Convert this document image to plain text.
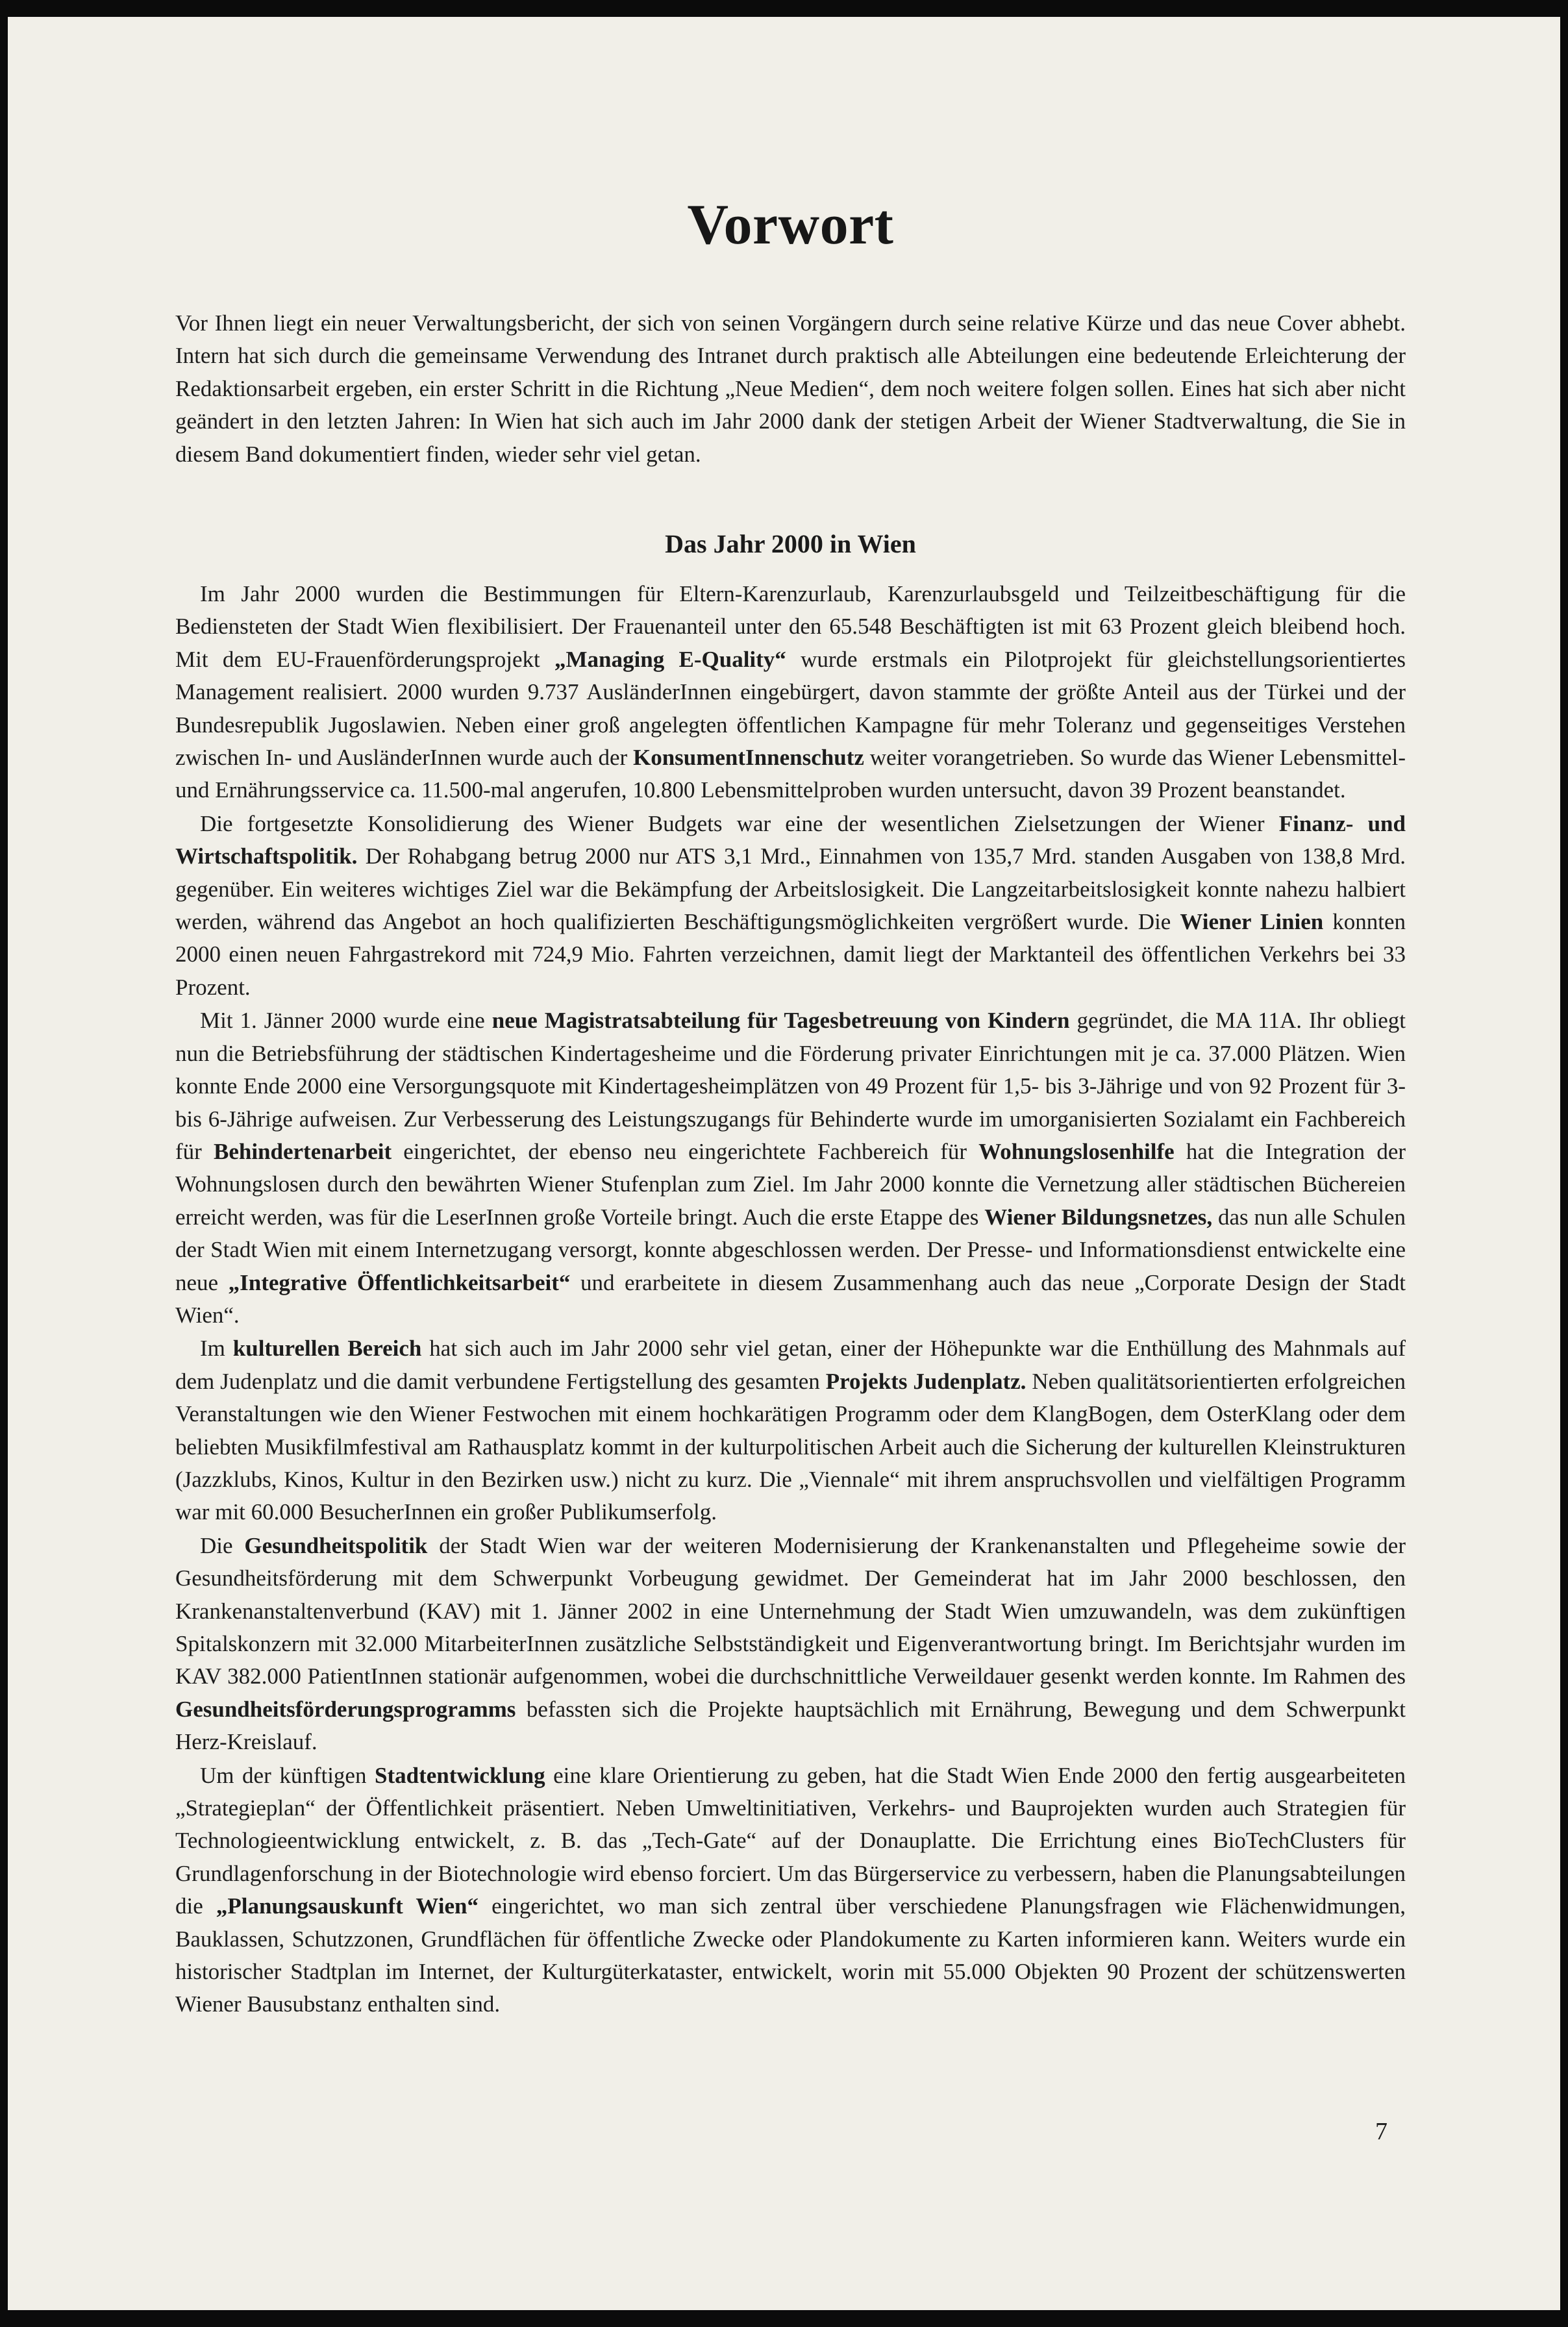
Vorwort

Vor Ihnen liegt ein neuer Verwaltungsbericht, der sich von seinen Vorgängern durch seine relative Kürze und das neue Cover abhebt. Intern hat sich durch die gemeinsame Verwendung des Intranet durch praktisch alle Abteilungen eine bedeutende Erleichterung der Redaktionsarbeit ergeben, ein erster Schritt in die Richtung „Neue Medien“, dem noch weitere folgen sollen. Eines hat sich aber nicht geändert in den letzten Jahren: In Wien hat sich auch im Jahr 2000 dank der stetigen Arbeit der Wiener Stadtverwaltung, die Sie in diesem Band dokumentiert finden, wieder sehr viel getan.

Das Jahr 2000 in Wien

Im Jahr 2000 wurden die Bestimmungen für Eltern-Karenzurlaub, Karenzurlaubsgeld und Teilzeitbeschäftigung für die Bediensteten der Stadt Wien flexibilisiert. Der Frauenanteil unter den 65.548 Beschäftigten ist mit 63 Prozent gleich bleibend hoch. Mit dem EU-Frauenförderungsprojekt „Managing E-Quality“ wurde erstmals ein Pilotprojekt für gleichstellungsorientiertes Management realisiert. 2000 wurden 9.737 AusländerInnen eingebürgert, davon stammte der größte Anteil aus der Türkei und der Bundesrepublik Jugoslawien. Neben einer groß angelegten öffentlichen Kampagne für mehr Toleranz und gegenseitiges Verstehen zwischen In- und AusländerInnen wurde auch der KonsumentInnenschutz weiter vorangetrieben. So wurde das Wiener Lebensmittel- und Ernährungsservice ca. 11.500-mal angerufen, 10.800 Lebensmittelproben wurden untersucht, davon 39 Prozent beanstandet.

Die fortgesetzte Konsolidierung des Wiener Budgets war eine der wesentlichen Zielsetzungen der Wiener Finanz- und Wirtschaftspolitik. Der Rohabgang betrug 2000 nur ATS 3,1 Mrd., Einnahmen von 135,7 Mrd. standen Ausgaben von 138,8 Mrd. gegenüber. Ein weiteres wichtiges Ziel war die Bekämpfung der Arbeitslosigkeit. Die Langzeitarbeitslosigkeit konnte nahezu halbiert werden, während das Angebot an hoch qualifizierten Beschäftigungsmöglichkeiten vergrößert wurde. Die Wiener Linien konnten 2000 einen neuen Fahrgastrekord mit 724,9 Mio. Fahrten verzeichnen, damit liegt der Marktanteil des öffentlichen Verkehrs bei 33 Prozent.

Mit 1. Jänner 2000 wurde eine neue Magistratsabteilung für Tagesbetreuung von Kindern gegründet, die MA 11A. Ihr obliegt nun die Betriebsführung der städtischen Kindertagesheime und die Förderung privater Einrichtungen mit je ca. 37.000 Plätzen. Wien konnte Ende 2000 eine Versorgungsquote mit Kindertagesheimplätzen von 49 Prozent für 1,5- bis 3-Jährige und von 92 Prozent für 3- bis 6-Jährige aufweisen. Zur Verbesserung des Leistungszugangs für Behinderte wurde im umorganisierten Sozialamt ein Fachbereich für Behindertenarbeit eingerichtet, der ebenso neu eingerichtete Fachbereich für Wohnungslosenhilfe hat die Integration der Wohnungslosen durch den bewährten Wiener Stufenplan zum Ziel. Im Jahr 2000 konnte die Vernetzung aller städtischen Büchereien erreicht werden, was für die LeserInnen große Vorteile bringt. Auch die erste Etappe des Wiener Bildungsnetzes, das nun alle Schulen der Stadt Wien mit einem Internetzugang versorgt, konnte abgeschlossen werden. Der Presse- und Informationsdienst entwickelte eine neue „Integrative Öffentlichkeitsarbeit“ und erarbeitete in diesem Zusammenhang auch das neue „Corporate Design der Stadt Wien“.

Im kulturellen Bereich hat sich auch im Jahr 2000 sehr viel getan, einer der Höhepunkte war die Enthüllung des Mahnmals auf dem Judenplatz und die damit verbundene Fertigstellung des gesamten Projekts Judenplatz. Neben qualitätsorientierten erfolgreichen Veranstaltungen wie den Wiener Festwochen mit einem hochkarätigen Programm oder dem KlangBogen, dem OsterKlang oder dem beliebten Musikfilmfestival am Rathausplatz kommt in der kulturpolitischen Arbeit auch die Sicherung der kulturellen Kleinstrukturen (Jazzklubs, Kinos, Kultur in den Bezirken usw.) nicht zu kurz. Die „Viennale“ mit ihrem anspruchsvollen und vielfältigen Programm war mit 60.000 BesucherInnen ein großer Publikumserfolg.

Die Gesundheitspolitik der Stadt Wien war der weiteren Modernisierung der Krankenanstalten und Pflegeheime sowie der Gesundheitsförderung mit dem Schwerpunkt Vorbeugung gewidmet. Der Gemeinderat hat im Jahr 2000 beschlossen, den Krankenanstaltenverbund (KAV) mit 1. Jänner 2002 in eine Unternehmung der Stadt Wien umzuwandeln, was dem zukünftigen Spitalskonzern mit 32.000 MitarbeiterInnen zusätzliche Selbstständigkeit und Eigenverantwortung bringt. Im Berichtsjahr wurden im KAV 382.000 PatientInnen stationär aufgenommen, wobei die durchschnittliche Verweildauer gesenkt werden konnte. Im Rahmen des Gesundheitsförderungsprogramms befassten sich die Projekte hauptsächlich mit Ernährung, Bewegung und dem Schwerpunkt Herz-Kreislauf.

Um der künftigen Stadtentwicklung eine klare Orientierung zu geben, hat die Stadt Wien Ende 2000 den fertig ausgearbeiteten „Strategieplan“ der Öffentlichkeit präsentiert. Neben Umweltinitiativen, Verkehrs- und Bauprojekten wurden auch Strategien für Technologieentwicklung entwickelt, z. B. das „Tech-Gate“ auf der Donauplatte. Die Errichtung eines BioTechClusters für Grundlagenforschung in der Biotechnologie wird ebenso forciert. Um das Bürgerservice zu verbessern, haben die Planungsabteilungen die „Planungsauskunft Wien“ eingerichtet, wo man sich zentral über verschiedene Planungsfragen wie Flächenwidmungen, Bauklassen, Schutzzonen, Grundflächen für öffentliche Zwecke oder Plandokumente zu Karten informieren kann. Weiters wurde ein historischer Stadtplan im Internet, der Kulturgüterkataster, entwickelt, worin mit 55.000 Objekten 90 Prozent der schützenswerten Wiener Bausubstanz enthalten sind.

7
